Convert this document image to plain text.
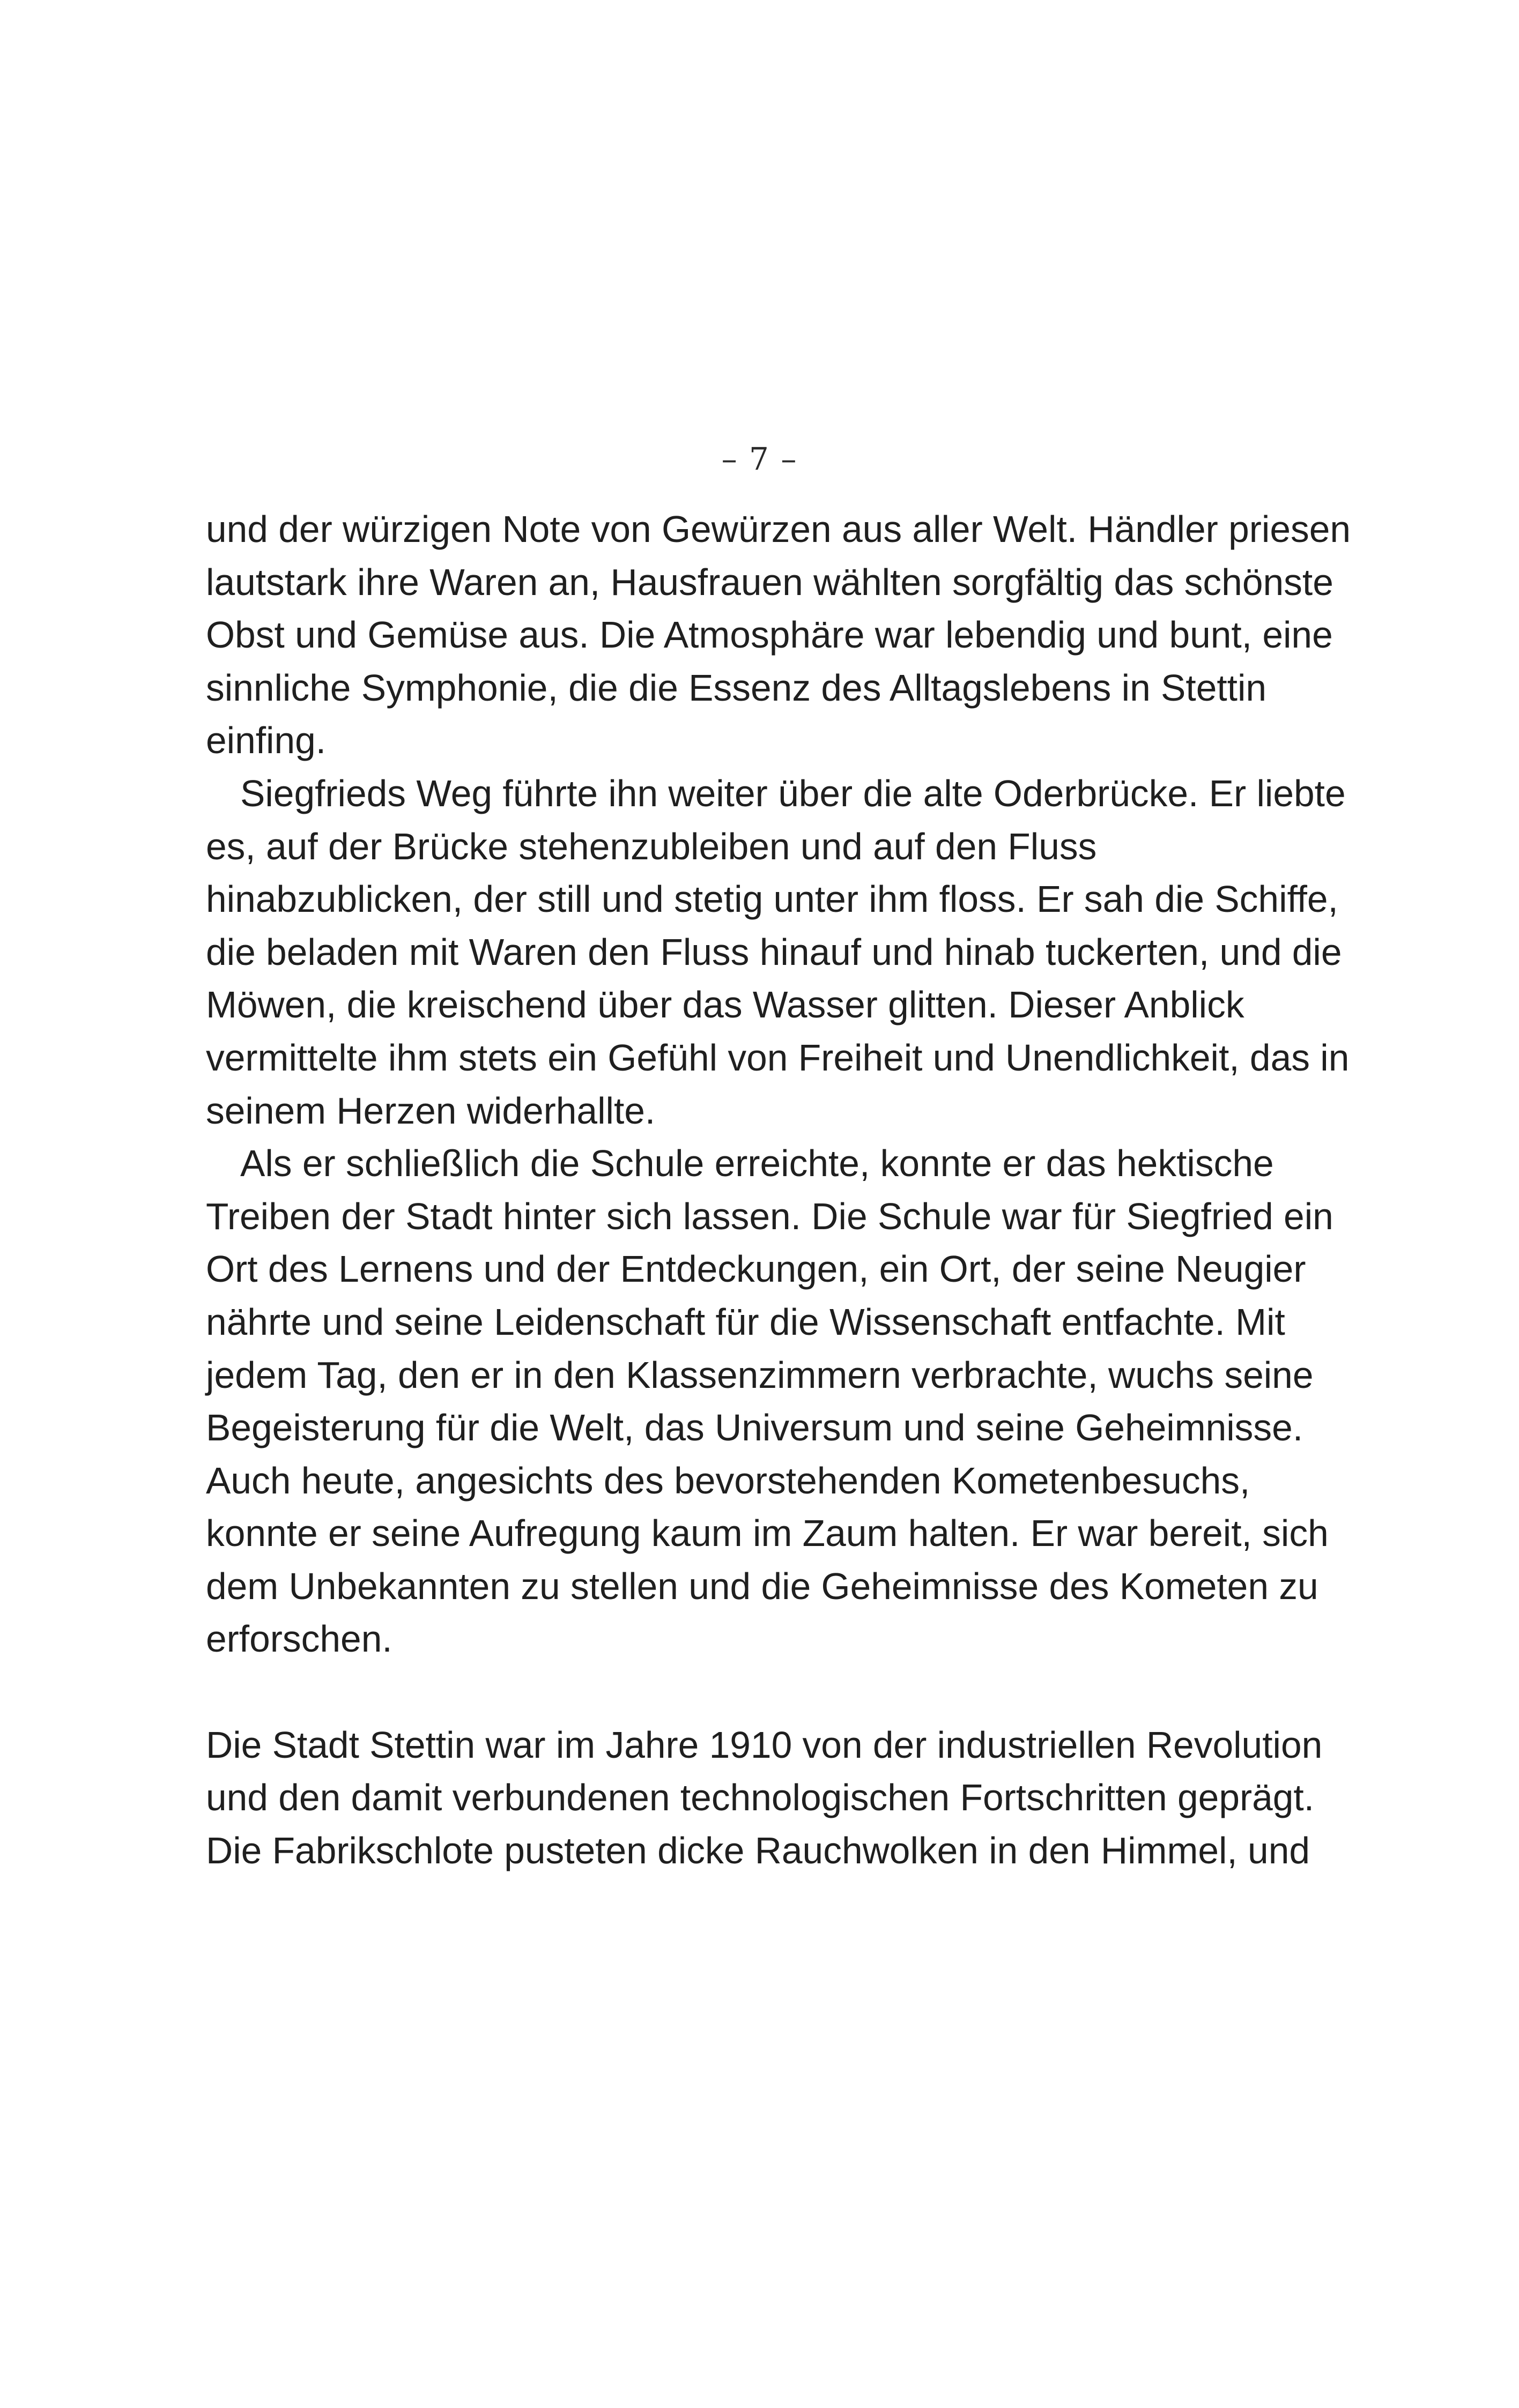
– 7 –
und der würzigen Note von Gewürzen aus aller Welt. Händler priesen
lautstark ihre Waren an, Hausfrauen wählten sorgfältig das schönste
Obst und Gemüse aus. Die Atmosphäre war lebendig und bunt, eine
sinnliche Symphonie, die die Essenz des Alltagslebens in Stettin
einfing.
Siegfrieds Weg führte ihn weiter über die alte Oderbrücke. Er liebte
es, auf der Brücke stehenzubleiben und auf den Fluss
hinabzublicken, der still und stetig unter ihm floss. Er sah die Schiffe,
die beladen mit Waren den Fluss hinauf und hinab tuckerten, und die
Möwen, die kreischend über das Wasser glitten. Dieser Anblick
vermittelte ihm stets ein Gefühl von Freiheit und Unendlichkeit, das in
seinem Herzen widerhallte.
Als er schließlich die Schule erreichte, konnte er das hektische
Treiben der Stadt hinter sich lassen. Die Schule war für Siegfried ein
Ort des Lernens und der Entdeckungen, ein Ort, der seine Neugier
nährte und seine Leidenschaft für die Wissenschaft entfachte. Mit
jedem Tag, den er in den Klassenzimmern verbrachte, wuchs seine
Begeisterung für die Welt, das Universum und seine Geheimnisse.
Auch heute, angesichts des bevorstehenden Kometenbesuchs,
konnte er seine Aufregung kaum im Zaum halten. Er war bereit, sich
dem Unbekannten zu stellen und die Geheimnisse des Kometen zu
erforschen.
Die Stadt Stettin war im Jahre 1910 von der industriellen Revolution
und den damit verbundenen technologischen Fortschritten geprägt.
Die Fabrikschlote pusteten dicke Rauchwolken in den Himmel, und
